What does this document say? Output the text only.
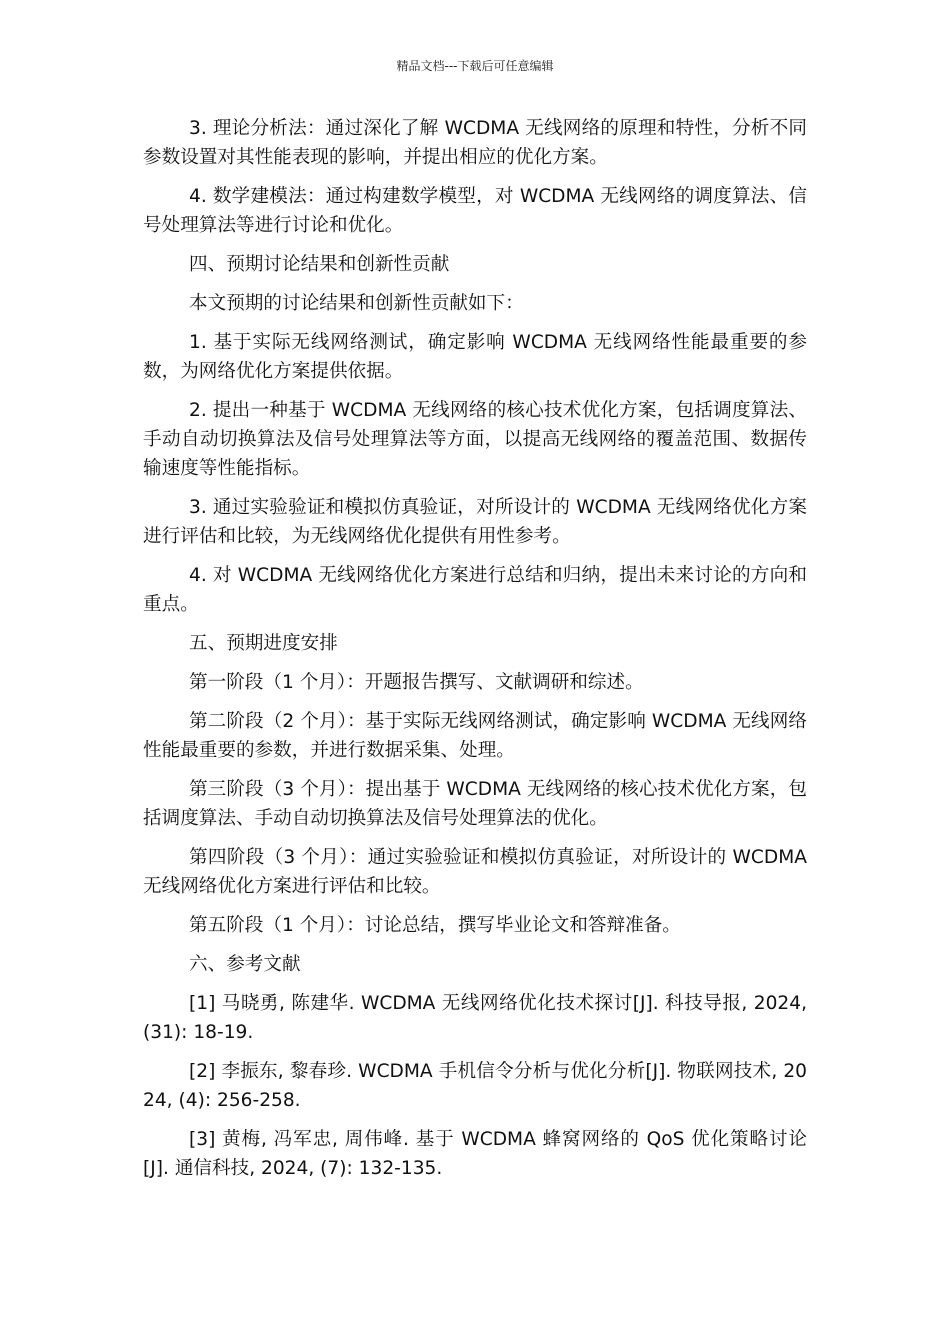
精品文档---下载后可任意编辑

3. 理论分析法：通过深化了解 WCDMA 无线网络的原理和特性，分析不同参数设置对其性能表现的影响，并提出相应的优化方案。

4. 数学建模法：通过构建数学模型，对 WCDMA 无线网络的调度算法、信号处理算法等进行讨论和优化。

四、预期讨论结果和创新性贡献

本文预期的讨论结果和创新性贡献如下：

1. 基于实际无线网络测试，确定影响 WCDMA 无线网络性能最重要的参数，为网络优化方案提供依据。

2. 提出一种基于 WCDMA 无线网络的核心技术优化方案，包括调度算法、手动自动切换算法及信号处理算法等方面，以提高无线网络的覆盖范围、数据传输速度等性能指标。

3. 通过实验验证和模拟仿真验证，对所设计的 WCDMA 无线网络优化方案进行评估和比较，为无线网络优化提供有用性参考。

4. 对 WCDMA 无线网络优化方案进行总结和归纳，提出未来讨论的方向和重点。

五、预期进度安排

第一阶段（1 个月）：开题报告撰写、文献调研和综述。

第二阶段（2 个月）：基于实际无线网络测试，确定影响 WCDMA 无线网络性能最重要的参数，并进行数据采集、处理。

第三阶段（3 个月）：提出基于 WCDMA 无线网络的核心技术优化方案，包括调度算法、手动自动切换算法及信号处理算法的优化。

第四阶段（3 个月）：通过实验验证和模拟仿真验证，对所设计的 WCDMA 无线网络优化方案进行评估和比较。

第五阶段（1 个月）：讨论总结，撰写毕业论文和答辩准备。

六、参考文献

[1] 马晓勇, 陈建华. WCDMA 无线网络优化技术探讨[J]. 科技导报, 2024, (31): 18-19.

[2] 李振东, 黎春珍. WCDMA 手机信令分析与优化分析[J]. 物联网技术, 2024, (4): 256-258.

[3] 黄梅, 冯军忠, 周伟峰. 基于 WCDMA 蜂窝网络的 QoS 优化策略讨论[J]. 通信科技, 2024, (7): 132-135.
